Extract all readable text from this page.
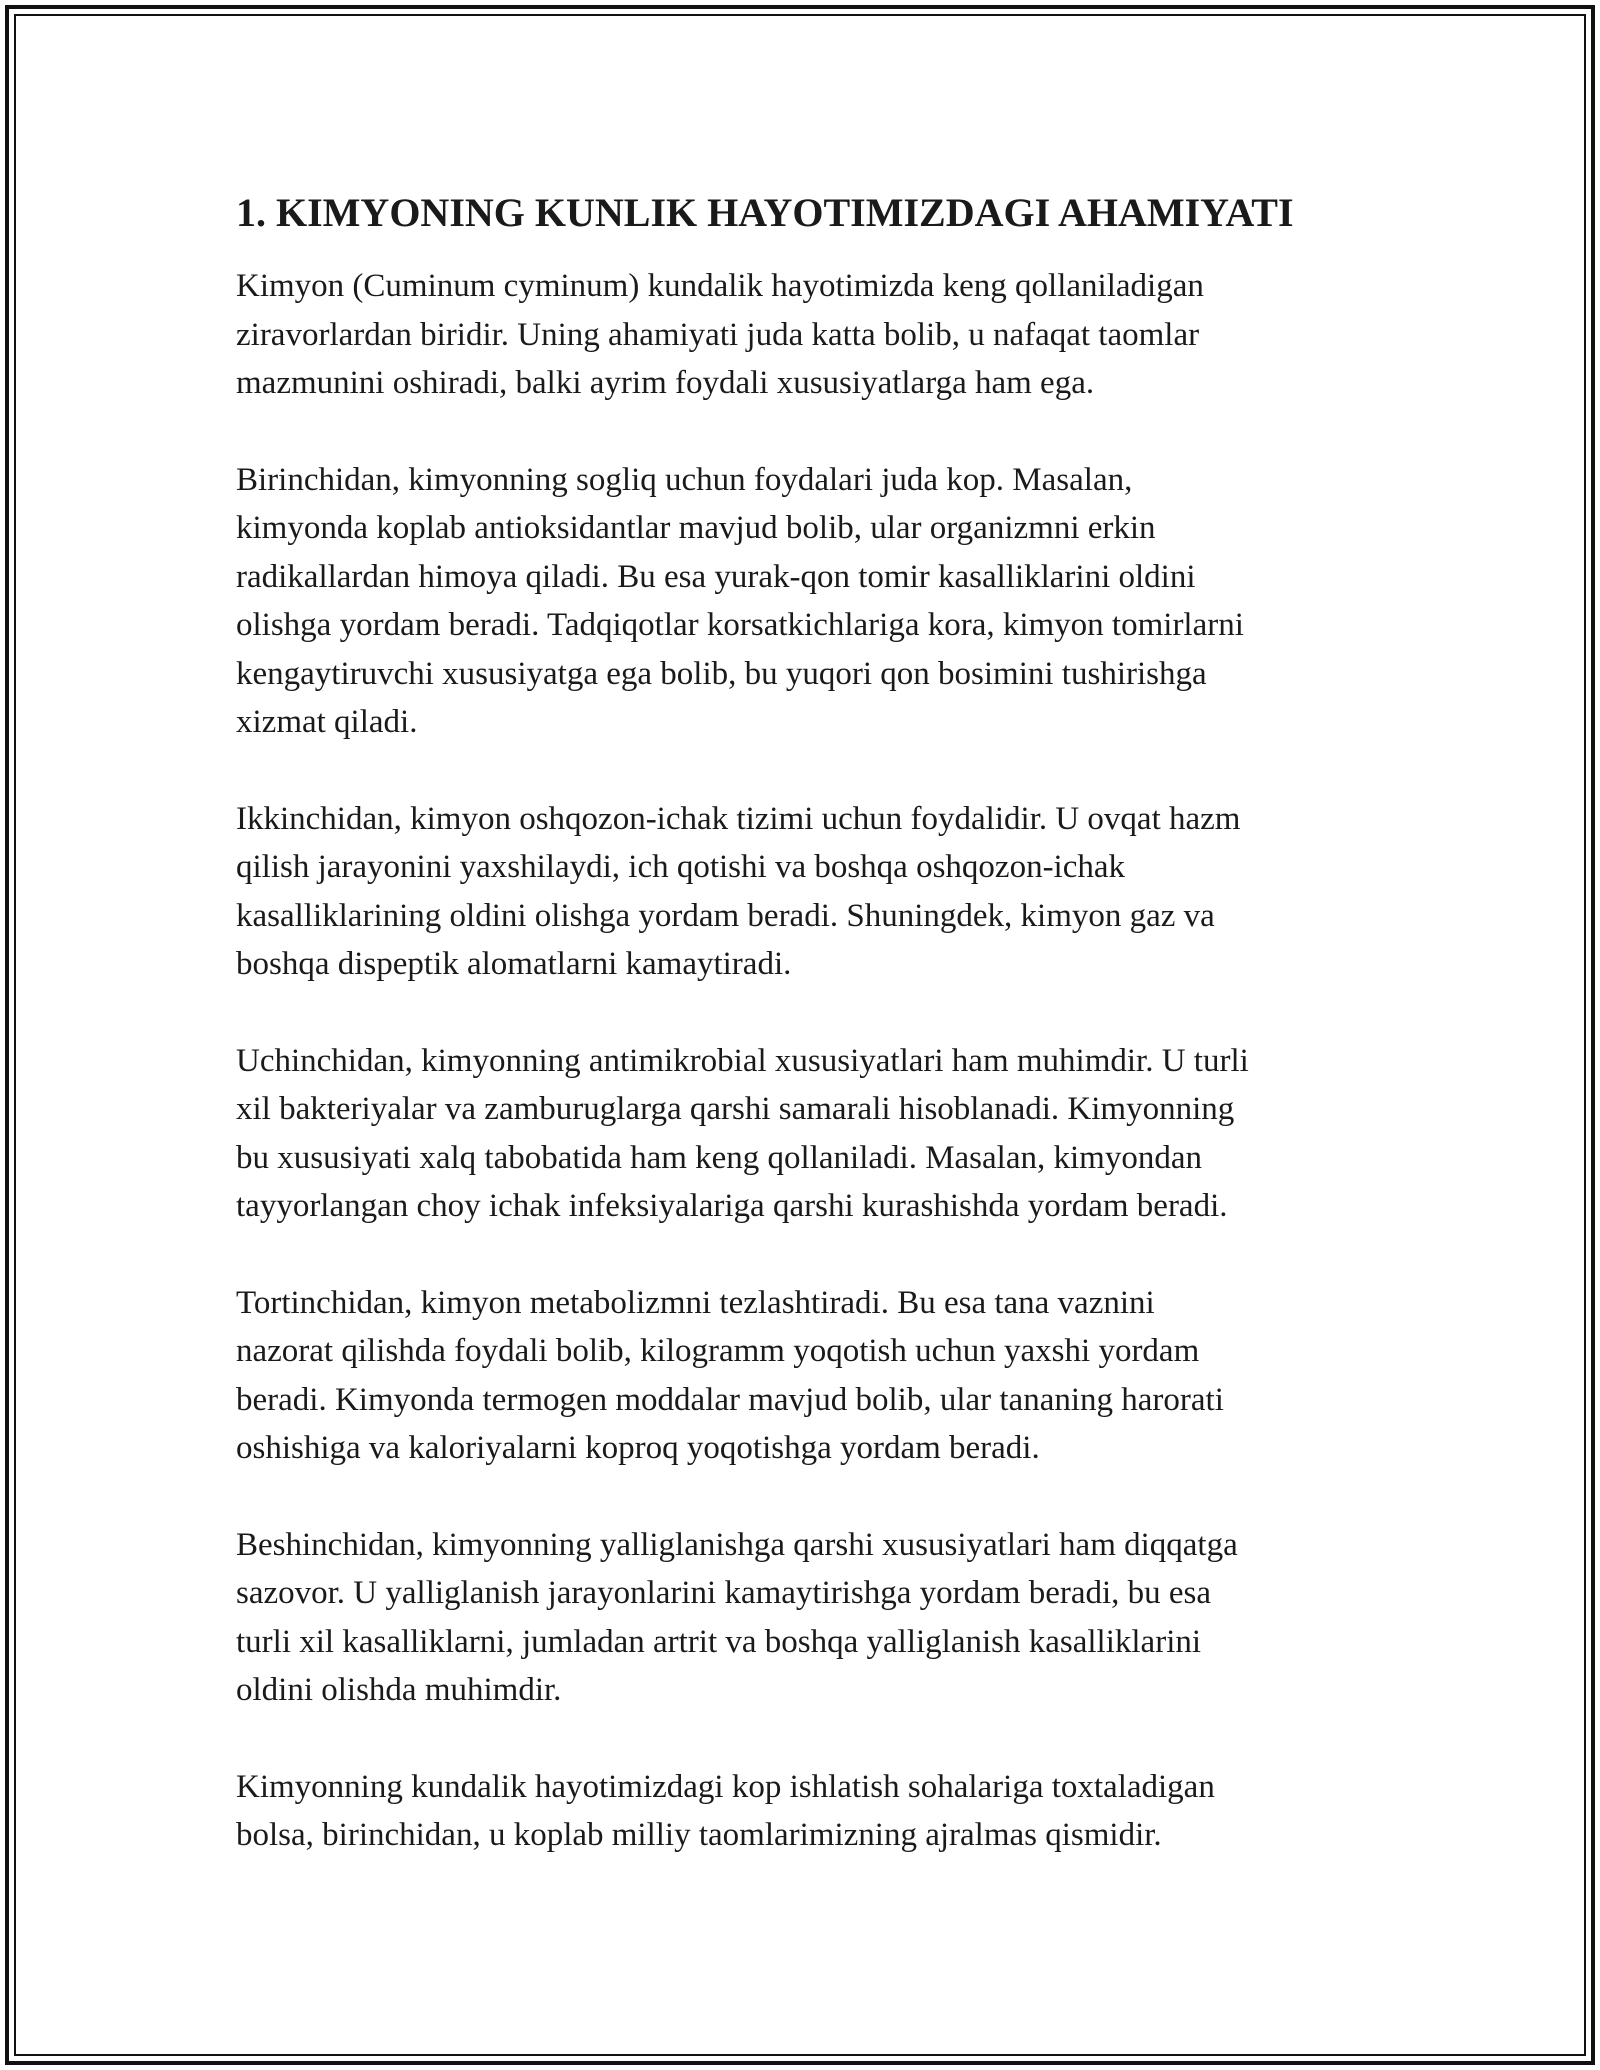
1. KIMYONING KUNLIK HAYOTIMIZDAGI AHAMIYATI

Kimyon (Cuminum cyminum) kundalik hayotimizda keng qollaniladigan
ziravorlardan biridir. Uning ahamiyati juda katta bolib, u nafaqat taomlar
mazmunini oshiradi, balki ayrim foydali xususiyatlarga ham ega.

Birinchidan, kimyonning sogliq uchun foydalari juda kop. Masalan,
kimyonda koplab antioksidantlar mavjud bolib, ular organizmni erkin
radikallardan himoya qiladi. Bu esa yurak-qon tomir kasalliklarini oldini
olishga yordam beradi. Tadqiqotlar korsatkichlariga kora, kimyon tomirlarni
kengaytiruvchi xususiyatga ega bolib, bu yuqori qon bosimini tushirishga
xizmat qiladi.

Ikkinchidan, kimyon oshqozon-ichak tizimi uchun foydalidir. U ovqat hazm
qilish jarayonini yaxshilaydi, ich qotishi va boshqa oshqozon-ichak
kasalliklarining oldini olishga yordam beradi. Shuningdek, kimyon gaz va
boshqa dispeptik alomatlarni kamaytiradi.

Uchinchidan, kimyonning antimikrobial xususiyatlari ham muhimdir. U turli
xil bakteriyalar va zamburuglarga qarshi samarali hisoblanadi. Kimyonning
bu xususiyati xalq tabobatida ham keng qollaniladi. Masalan, kimyondan
tayyorlangan choy ichak infeksiyalariga qarshi kurashishda yordam beradi.

Tortinchidan, kimyon metabolizmni tezlashtiradi. Bu esa tana vaznini
nazorat qilishda foydali bolib, kilogramm yoqotish uchun yaxshi yordam
beradi. Kimyonda termogen moddalar mavjud bolib, ular tananing harorati
oshishiga va kaloriyalarni koproq yoqotishga yordam beradi.

Beshinchidan, kimyonning yalliglanishga qarshi xususiyatlari ham diqqatga
sazovor. U yalliglanish jarayonlarini kamaytirishga yordam beradi, bu esa
turli xil kasalliklarni, jumladan artrit va boshqa yalliglanish kasalliklarini
oldini olishda muhimdir.

Kimyonning kundalik hayotimizdagi kop ishlatish sohalariga toxtaladigan
bolsa, birinchidan, u koplab milliy taomlarimizning ajralmas qismidir.
